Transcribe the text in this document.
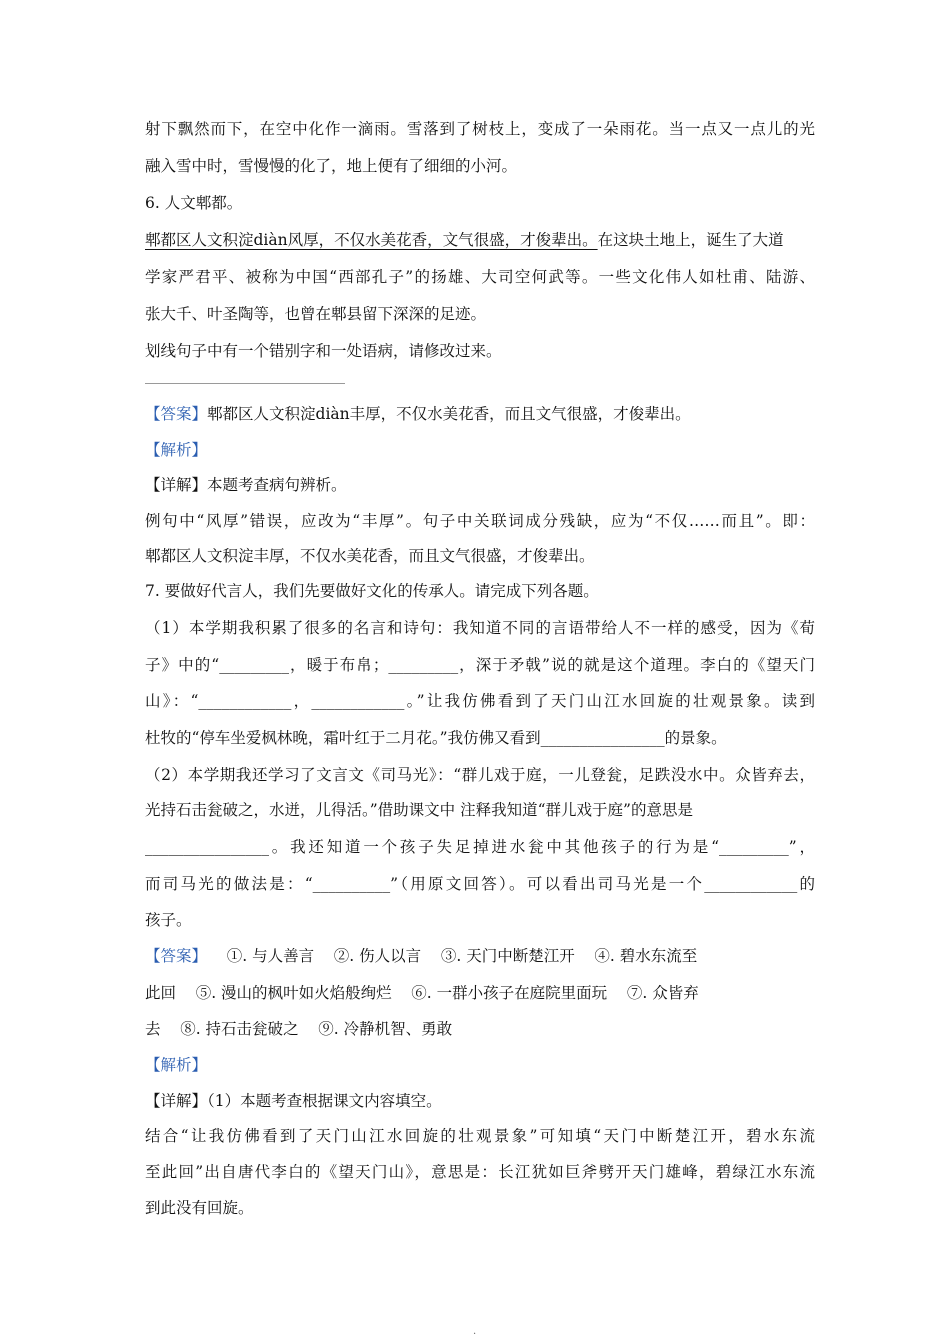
射下飘然而下，在空中化作一滴雨。雪落到了树枝上，变成了一朵雨花。当一点又一点儿的光
融入雪中时，雪慢慢的化了，地上便有了细细的小河。
6. 人文郫都。
郫都区人文积淀diàn风厚，不仅水美花香，文气很盛，才俊辈出。在这块土地上，诞生了大道
学家严君平、被称为中国“西部孔子”的扬雄、大司空何武等。一些文化伟人如杜甫、陆游、
张大千、叶圣陶等，也曾在郫县留下深深的足迹。
划线句子中有一个错别字和一处语病，请修改过来。
【答案】郫都区人文积淀diàn丰厚，不仅水美花香，而且文气很盛，才俊辈出。
【解析】
【详解】本题考查病句辨析。
例句中“风厚”错误，应改为“丰厚”。句子中关联词成分残缺，应为“不仅……而且”。即：
郫都区人文积淀丰厚，不仅水美花香，而且文气很盛，才俊辈出。
7. 要做好代言人，我们先要做好文化的传承人。请完成下列各题。
（1）本学期我积累了很多的名言和诗句：我知道不同的言语带给人不一样的感受，因为《荀
子》中的“_________，暖于布帛；_________，深于矛戟”说的就是这个道理。李白的《望天门
山》：“____________，____________。”让我仿佛看到了天门山江水回旋的壮观景象。读到
杜牧的“停车坐爱枫林晚，霜叶红于二月花。”我仿佛又看到________________的景象。
（2）本学期我还学习了文言文《司马光》：“群儿戏于庭，一儿登瓮，足跌没水中。众皆弃去，
光持石击瓮破之，水迸，儿得活。”借助课文中 注释我知道“群儿戏于庭”的意思是
________________。我还知道一个孩子失足掉进水瓮中其他孩子的行为是“_________”，
而司马光的做法是：“__________”（用原文回答）。可以看出司马光是一个____________的
孩子。
【答案】    ①. 与人善言    ②. 伤人以言    ③. 天门中断楚江开    ④. 碧水东流至
此回    ⑤. 漫山的枫叶如火焰般绚烂    ⑥. 一群小孩子在庭院里面玩    ⑦. 众皆弃
去    ⑧. 持石击瓮破之    ⑨. 冷静机智、勇敢
【解析】
【详解】（1）本题考查根据课文内容填空。
结合“让我仿佛看到了天门山江水回旋的壮观景象”可知填“天门中断楚江开，碧水东流
至此回”出自唐代李白的《望天门山》，意思是：长江犹如巨斧劈开天门雄峰，碧绿江水东流
到此没有回旋。
.
